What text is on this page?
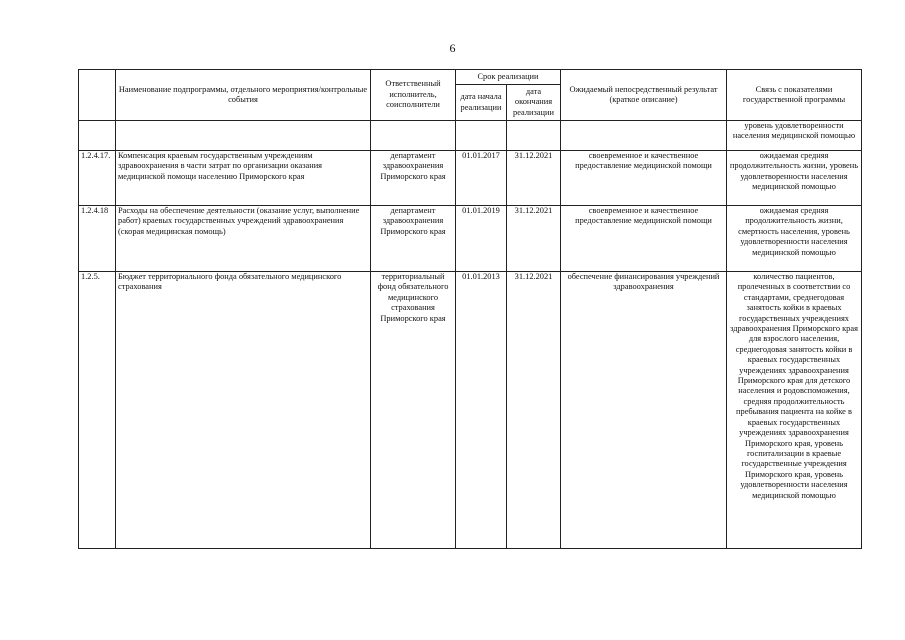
6
	Наименование подпрограммы, отдельного мероприятия/контрольные события	Ответственный исполнитель, соисполнители	Срок реализации		Ожидаемый непосредственный результат (краткое описание)	Связь с показателями государственной программы
			дата начала реализации	дата окончания реализации		
						уровень удовлетворенности населения медицинской помощью
1.2.4.17.	Компенсация краевым государственным учреждениям здравоохранения в части затрат по организации оказания медицинской помощи населению Приморского края	департамент здравоохранения Приморского края	01.01.2017	31.12.2021	своевременное и качественное предоставление медицинской помощи	ожидаемая средняя продолжительность жизни, уровень удовлетворенности населения медицинской помощью
1.2.4.18	Расходы на обеспечение деятельности (оказание услуг, выполнение работ) краевых государственных учреждений здравоохранения (скорая медицинская помощь)	департамент здравоохранения Приморского края	01.01.2019	31.12.2021	своевременное и качественное предоставление медицинской помощи	ожидаемая средняя продолжительность жизни, смертность населения, уровень удовлетворенности населения медицинской помощью
1.2.5.	Бюджет территориального фонда обязательного медицинского страхования	территориальный фонд обязательного медицинского страхования Приморского края	01.01.2013	31.12.2021	обеспечение финансирования учреждений здравоохранения	количество пациентов, пролеченных в соответствии со стандартами, среднегодовая занятость койки в краевых государственных учреждениях здравоохранения Приморского края для взрослого населения, среднегодовая занятость койки в краевых государственных учреждениях здравоохранения Приморского края для детского населения и родовспоможения, средняя продолжительность пребывания пациента на койке в краевых государственных учреждениях здравоохранения Приморского края, уровень госпитализации в краевые государственные учреждения Приморского края, уровень удовлетворенности населения медицинской помощью
